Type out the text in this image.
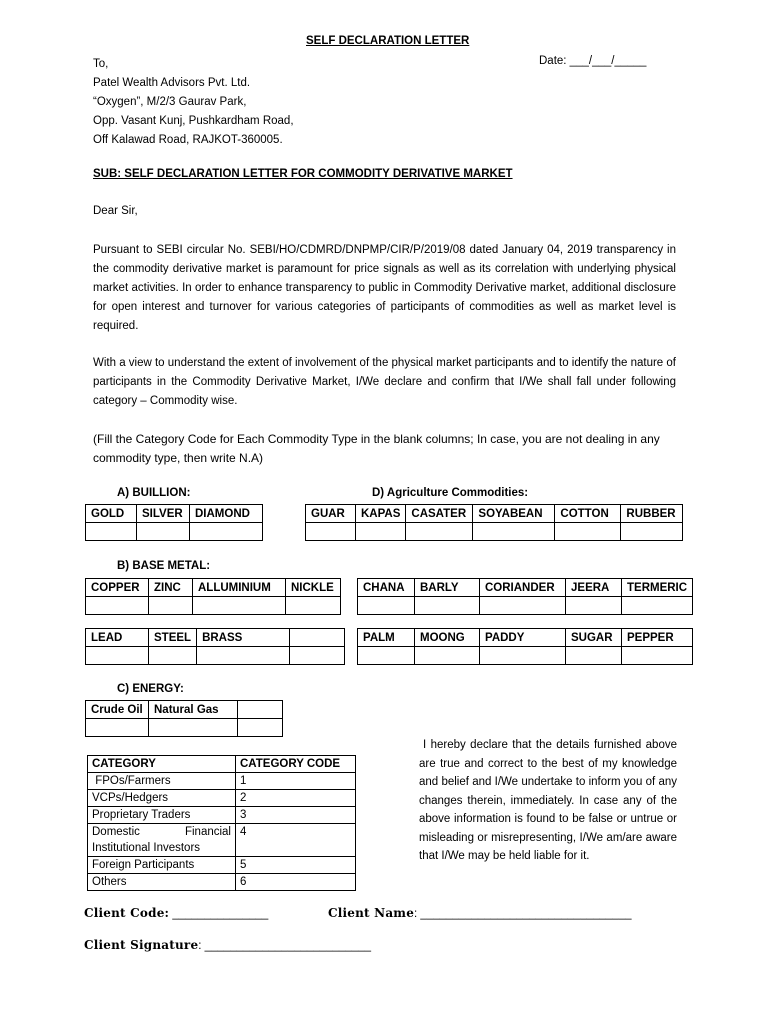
SELF DECLARATION LETTER
Date: ___/___/_____
To,
Patel Wealth Advisors Pvt. Ltd.
“Oxygen”, M/2/3 Gaurav Park,
Opp. Vasant Kunj, Pushkardham Road,
Off Kalawad Road, RAJKOT-360005.
SUB: SELF DECLARATION LETTER FOR COMMODITY DERIVATIVE MARKET
Dear Sir,
Pursuant to SEBI circular No. SEBI/HO/CDMRD/DNPMP/CIR/P/2019/08 dated January 04, 2019 transparency in the commodity derivative market is paramount for price signals as well as its correlation with underlying physical market activities. In order to enhance transparency to public in Commodity Derivative market, additional disclosure for open interest and turnover for various categories of participants of commodities as well as market level is required.
With a view to understand the extent of involvement of the physical market participants and to identify the nature of participants in the Commodity Derivative Market, I/We declare and confirm that I/We shall fall under following category – Commodity wise.
(Fill the Category Code for Each Commodity Type in the blank columns; In case, you are not dealing in any commodity type, then write N.A)
A) BUILLION:
GOLD	SILVER	DIAMOND

D) Agriculture Commodities:
GUAR	KAPAS	CASATER	SOYABEAN	COTTON	RUBBER

B) BASE METAL:
COPPER	ZINC	ALLUMINIUM	NICKLE

LEAD	STEEL	BRASS	

CHANA	BARLY	CORIANDER	JEERA	TERMERIC

PALM	MOONG	PADDY	SUGAR	PEPPER

C) ENERGY:
Crude Oil	Natural Gas	

CATEGORY	CATEGORY CODE
FPOs/Farmers	1
VCPs/Hedgers	2
Proprietary Traders	3
Domestic Financial Institutional Investors	4
Foreign Participants	5
Others	6
I hereby declare that the details furnished above are true and correct to the best of my knowledge and belief and I/We undertake to inform you of any changes therein, immediately. In case any of the above information is found to be false or untrue or misleading or misrepresenting, I/We am/are aware that I/We may be held liable for it.
Client Code: _______________	Client Name: _________________________________
Client Signature: __________________________
